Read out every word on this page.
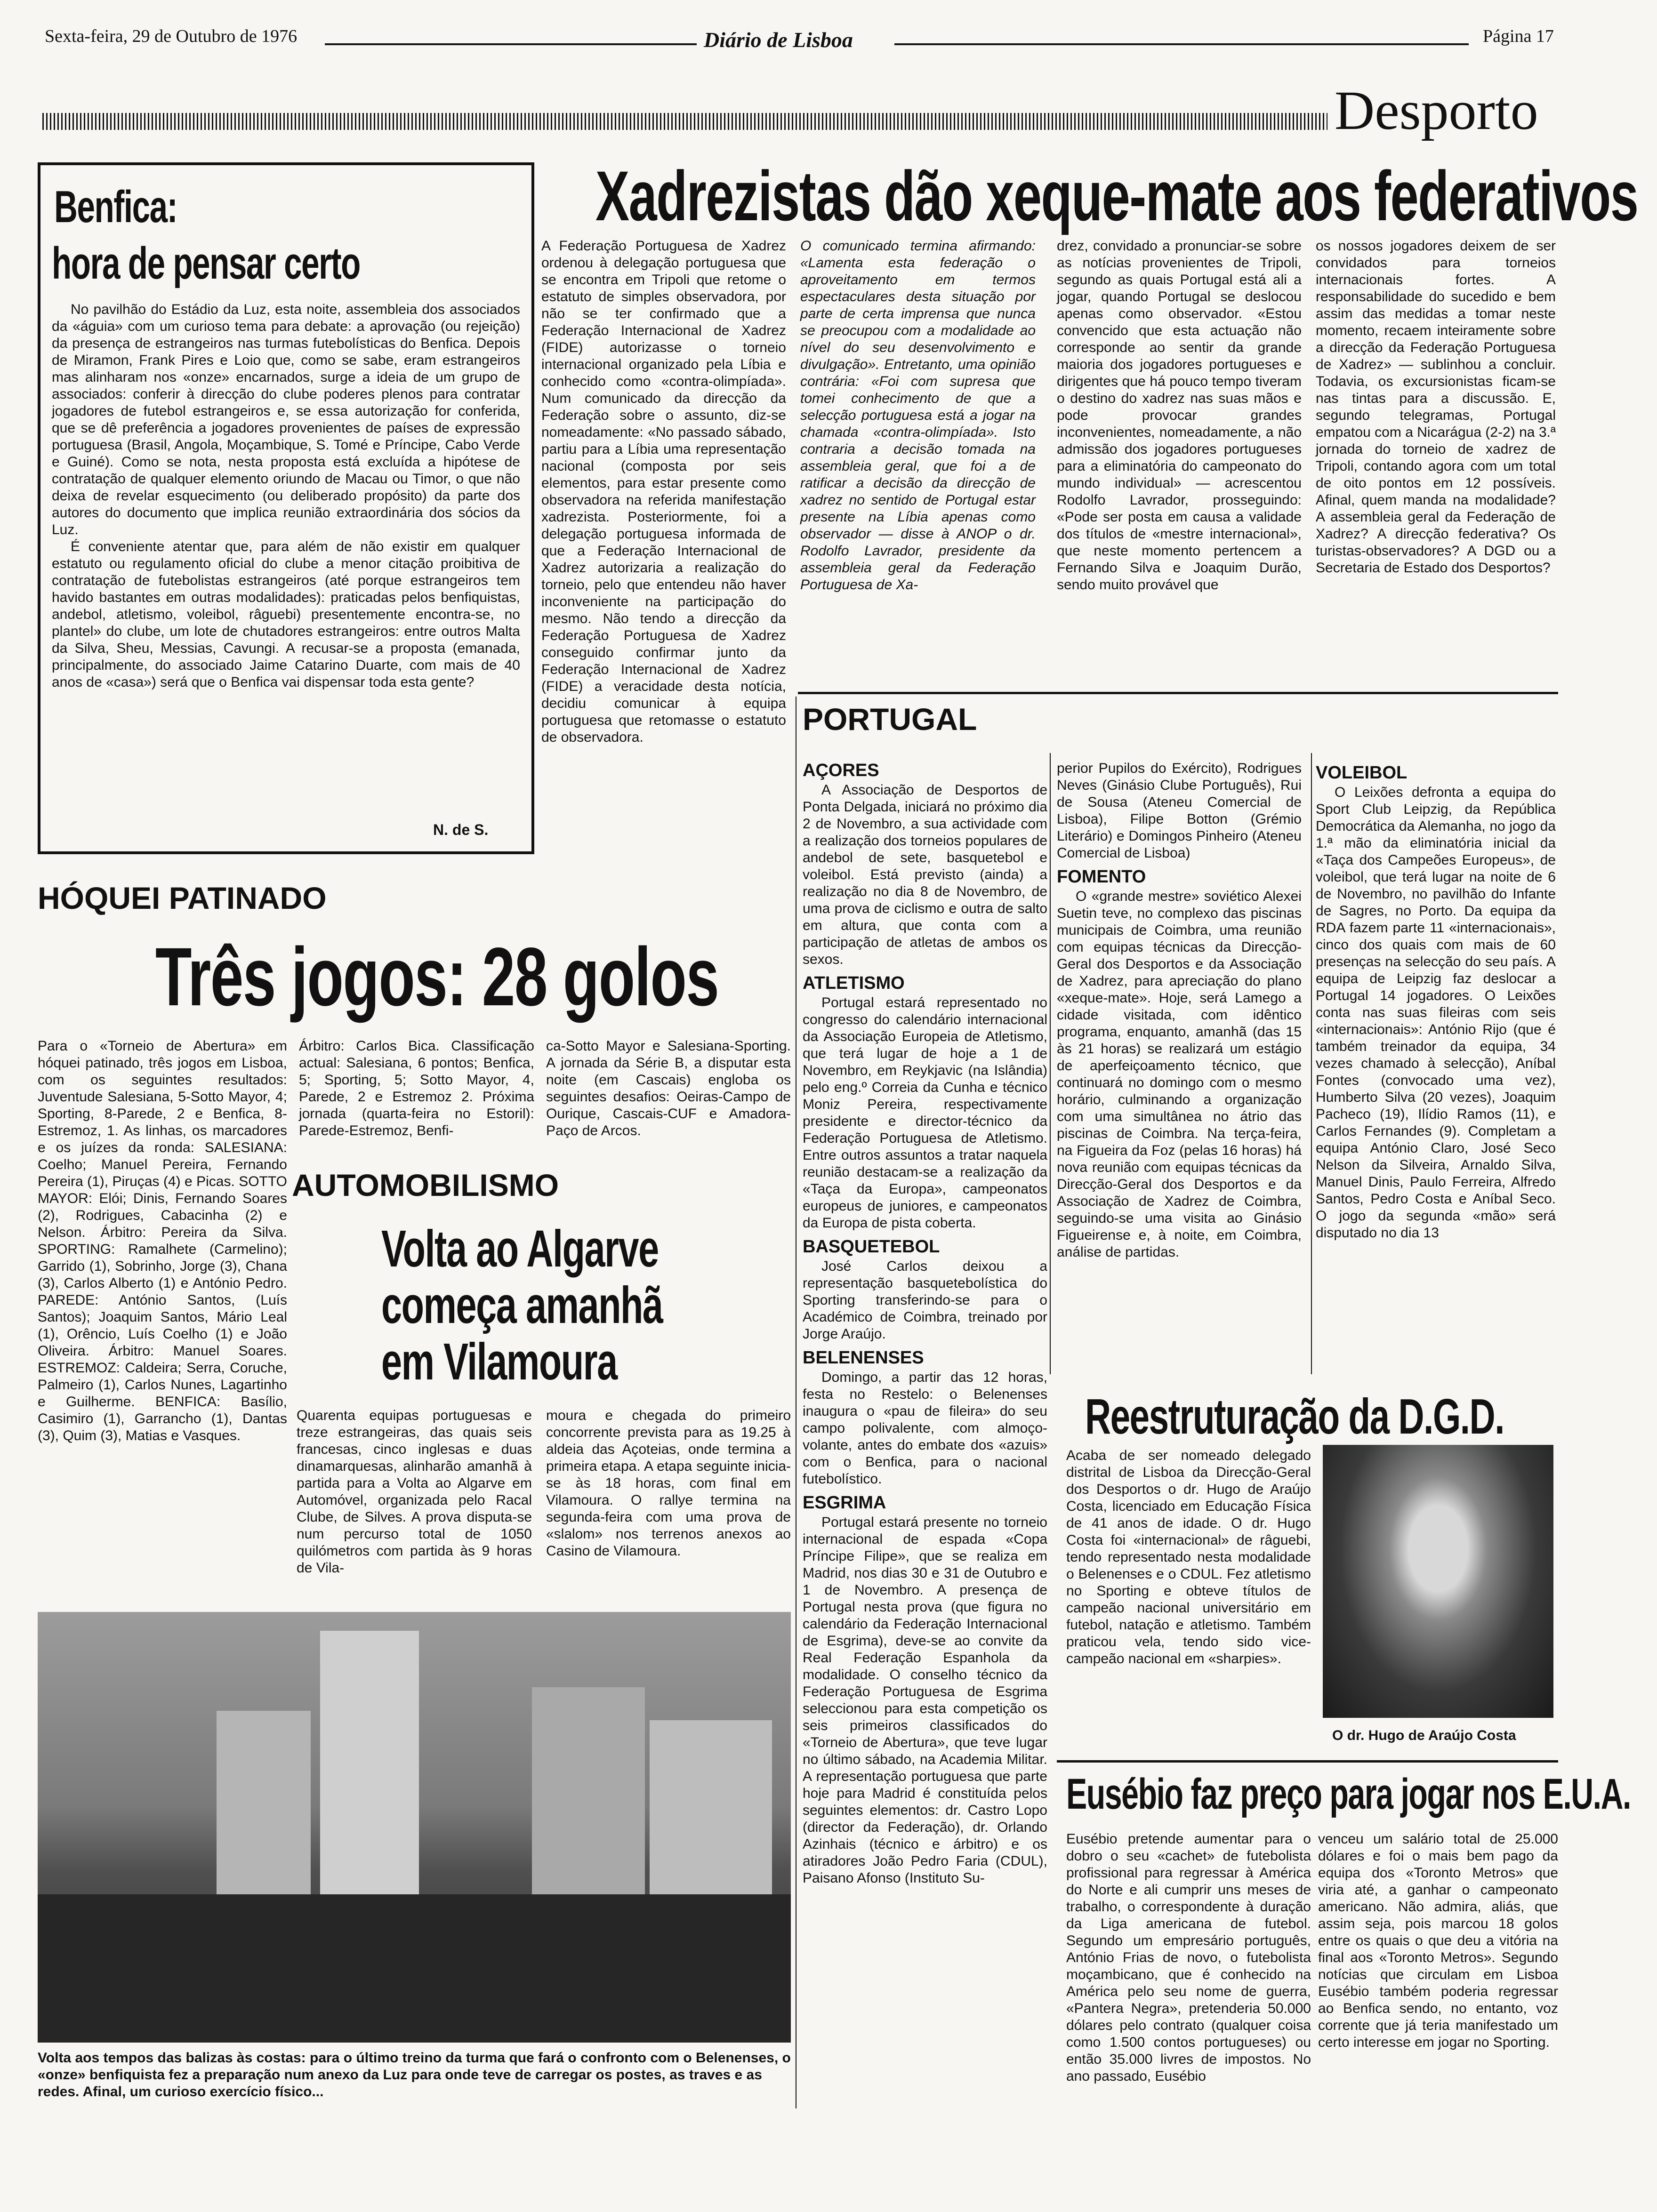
Sexta-feira, 29 de Outubro de 1976	Diário de Lisboa	Página 17
Desporto
Benfica:
hora de pensar certo

No pavilhão do Estádio da Luz, esta noite, assembleia dos associados da «águia» com um curioso tema para debate: a aprovação (ou rejeição) da presença de estrangeiros nas turmas futebolísticas do Benfica. Depois de Miramon, Frank Pires e Loio que, como se sabe, eram estrangeiros mas alinharam nos «onze» encarnados, surge a ideia de um grupo de associados: conferir à direcção do clube poderes plenos para contratar jogadores de futebol estrangeiros e, se essa autorização for conferida, que se dê preferência a jogadores provenientes de países de expressão portuguesa (Brasil, Angola, Moçambique, S. Tomé e Príncipe, Cabo Verde e Guiné). Como se nota, nesta proposta está excluída a hipótese de contratação de qualquer elemento oriundo de Macau ou Timor, o que não deixa de revelar esquecimento (ou deliberado propósito) da parte dos autores do documento que implica reunião extraordinária dos sócios da Luz.

É conveniente atentar que, para além de não existir em qualquer estatuto ou regulamento oficial do clube a menor citação proibitiva de contratação de futebolistas estrangeiros (até porque estrangeiros tem havido bastantes em outras modalidades): praticadas pelos benfiquistas, andebol, atletismo, voleibol, râguebi) presentemente encontra-se, no plantel» do clube, um lote de chutadores estrangeiros: entre outros Malta da Silva, Sheu, Messias, Cavungi. A recusar-se a proposta (emanada, principalmente, do associado Jaime Catarino Duarte, com mais de 40 anos de «casa») será que o Benfica vai dispensar toda esta gente?

N. de S.
Xadrezistas dão xeque-mate aos federativos
A Federação Portuguesa de Xadrez ordenou à delegação portuguesa que se encontra em Tripoli que retome o estatuto de simples observadora, por não se ter confirmado que a Federação Internacional de Xadrez (FIDE) autorizasse o torneio internacional organizado pela Líbia e conhecido como «contra-olimpíada». Num comunicado da direcção da Federação sobre o assunto, diz-se nomeadamente: «No passado sábado, partiu para a Líbia uma representação nacional (composta por seis elementos, para estar presente como observadora na referida manifestação xadrezista. Posteriormente, foi a delegação portuguesa informada de que a Federação Internacional de Xadrez autorizaria a realização do torneio, pelo que entendeu não haver inconveniente na participação do mesmo. Não tendo a direcção da Federação Portuguesa de Xadrez conseguido confirmar junto da Federação Internacional de Xadrez (FIDE) a veracidade desta notícia, decidiu comunicar à equipa portuguesa que retomasse o estatuto de observadora.
O comunicado termina afirmando: «Lamenta esta federação o aproveitamento em termos espectaculares desta situação por parte de certa imprensa que nunca se preocupou com a modalidade ao nível do seu desenvolvimento e divulgação». Entretanto, uma opinião contrária: «Foi com supresa que tomei conhecimento de que a selecção portuguesa está a jogar na chamada «contra-olimpíada». Isto contraria a decisão tomada na assembleia geral, que foi a de ratificar a decisão da direcção de xadrez no sentido de Portugal estar presente na Líbia apenas como observador — disse à ANOP o dr. Rodolfo Lavrador, presidente da assembleia geral da Federação Portuguesa de Xa-
drez, convidado a pronunciar-se sobre as notícias provenientes de Tripoli, segundo as quais Portugal está ali a jogar, quando Portugal se deslocou apenas como observador. «Estou convencido que esta actuação não corresponde ao sentir da grande maioria dos jogadores portugueses e dirigentes que há pouco tempo tiveram o destino do xadrez nas suas mãos e pode provocar grandes inconvenientes, nomeadamente, a não admissão dos jogadores portugueses para a eliminatória do campeonato do mundo individual» — acrescentou Rodolfo Lavrador, prosseguindo: «Pode ser posta em causa a validade dos títulos de «mestre internacional», que neste momento pertencem a Fernando Silva e Joaquim Durão, sendo muito provável que
os nossos jogadores deixem de ser convidados para torneios internacionais fortes. A responsabilidade do sucedido e bem assim das medidas a tomar neste momento, recaem inteiramente sobre a direcção da Federação Portuguesa de Xadrez» — sublinhou a concluir. Todavia, os excursionistas ficam-se nas tintas para a discussão. E, segundo telegramas, Portugal empatou com a Nicarágua (2-2) na 3.ª jornada do torneio de xadrez de Tripoli, contando agora com um total de oito pontos em 12 possíveis. Afinal, quem manda na modalidade? A assembleia geral da Federação de Xadrez? A direcção federativa? Os turistas-observadores? A DGD ou a Secretaria de Estado dos Desportos?
HÓQUEI PATINADO
Três jogos: 28 golos
Para o «Torneio de Abertura» em hóquei patinado, três jogos em Lisboa, com os seguintes resultados: Juventude Salesiana, 5-Sotto Mayor, 4; Sporting, 8-Parede, 2 e Benfica, 8-Estremoz, 1. As linhas, os marcadores e os juízes da ronda: SALESIANA: Coelho; Manuel Pereira, Fernando Pereira (1), Piruças (4) e Picas. SOTTO MAYOR: Elói; Dinis, Fernando Soares (2), Rodrigues, Cabacinha (2) e Nelson. Árbitro: Pereira da Silva. SPORTING: Ramalhete (Carmelino); Garrido (1), Sobrinho, Jorge (3), Chana (3), Carlos Alberto (1) e António Pedro. PAREDE: António Santos, (Luís Santos); Joaquim Santos, Mário Leal (1), Orêncio, Luís Coelho (1) e João Oliveira. Árbitro: Manuel Soares. ESTREMOZ: Caldeira; Serra, Coruche, Palmeiro (1), Carlos Nunes, Lagartinho e Guilherme. BENFICA: Basílio, Casimiro (1), Garrancho (1), Dantas (3), Quim (3), Matias e Vasques.
Árbitro: Carlos Bica. Classificação actual: Salesiana, 6 pontos; Benfica, 5; Sporting, 5; Sotto Mayor, 4, Parede, 2 e Estremoz 2. Próxima jornada (quarta-feira no Estoril): Parede-Estremoz, Benfi-
ca-Sotto Mayor e Salesiana-Sporting. A jornada da Série B, a disputar esta noite (em Cascais) engloba os seguintes desafios: Oeiras-Campo de Ourique, Cascais-CUF e Amadora-Paço de Arcos.
AUTOMOBILISMO
Volta ao Algarve
começa amanhã
em Vilamoura
Quarenta equipas portuguesas e treze estrangeiras, das quais seis francesas, cinco inglesas e duas dinamarquesas, alinharão amanhã à partida para a Volta ao Algarve em Automóvel, organizada pelo Racal Clube, de Silves. A prova disputa-se num percurso total de 1050 quilómetros com partida às 9 horas de Vila-
moura e chegada do primeiro concorrente prevista para as 19.25 à aldeia das Açoteias, onde termina a primeira etapa. A etapa seguinte inicia-se às 18 horas, com final em Vilamoura. O rallye termina na segunda-feira com uma prova de «slalom» nos terrenos anexos ao Casino de Vilamoura.
PORTUGAL
AÇORES

A Associação de Desportos de Ponta Delgada, iniciará no próximo dia 2 de Novembro, a sua actividade com a realização dos torneios populares de andebol de sete, basquetebol e voleibol. Está previsto (ainda) a realização no dia 8 de Novembro, de uma prova de ciclismo e outra de salto em altura, que conta com a participação de atletas de ambos os sexos.

ATLETISMO

Portugal estará representado no congresso do calendário internacional da Associação Europeia de Atletismo, que terá lugar de hoje a 1 de Novembro, em Reykjavic (na Islândia) pelo eng.º Correia da Cunha e técnico Moniz Pereira, respectivamente presidente e director-técnico da Federação Portuguesa de Atletismo. Entre outros assuntos a tratar naquela reunião destacam-se a realização da «Taça da Europa», campeonatos europeus de juniores, e campeonatos da Europa de pista coberta.

BASQUETEBOL

José Carlos deixou a representação basquetebolística do Sporting transferindo-se para o Académico de Coimbra, treinado por Jorge Araújo.

BELENENSES

Domingo, a partir das 12 horas, festa no Restelo: o Belenenses inaugura o «pau de fileira» do seu campo polivalente, com almoço-volante, antes do embate dos «azuis» com o Benfica, para o nacional futebolístico.

ESGRIMA

Portugal estará presente no torneio internacional de espada «Copa Príncipe Filipe», que se realiza em Madrid, nos dias 30 e 31 de Outubro e 1 de Novembro. A presença de Portugal nesta prova (que figura no calendário da Federação Internacional de Esgrima), deve-se ao convite da Real Federação Espanhola da modalidade. O conselho técnico da Federação Portuguesa de Esgrima seleccionou para esta competição os seis primeiros classificados do «Torneio de Abertura», que teve lugar no último sábado, na Academia Militar. A representação portuguesa que parte hoje para Madrid é constituída pelos seguintes elementos: dr. Castro Lopo (director da Federação), dr. Orlando Azinhais (técnico e árbitro) e os atiradores João Pedro Faria (CDUL), Paisano Afonso (Instituto Su-

perior Pupilos do Exército), Rodrigues Neves (Ginásio Clube Português), Rui de Sousa (Ateneu Comercial de Lisboa), Filipe Botton (Grémio Literário) e Domingos Pinheiro (Ateneu Comercial de Lisboa)

FOMENTO

O «grande mestre» soviético Alexei Suetin teve, no complexo das piscinas municipais de Coimbra, uma reunião com equipas técnicas da Direcção-Geral dos Desportos e da Associação de Xadrez, para apreciação do plano «xeque-mate». Hoje, será Lamego a cidade visitada, com idêntico programa, enquanto, amanhã (das 15 às 21 horas) se realizará um estágio de aperfeiçoamento técnico, que continuará no domingo com o mesmo horário, culminando a organização com uma simultânea no átrio das piscinas de Coimbra. Na terça-feira, na Figueira da Foz (pelas 16 horas) há nova reunião com equipas técnicas da Direcção-Geral dos Desportos e da Associação de Xadrez de Coimbra, seguindo-se uma visita ao Ginásio Figueirense e, à noite, em Coimbra, análise de partidas.

VOLEIBOL

O Leixões defronta a equipa do Sport Club Leipzig, da República Democrática da Alemanha, no jogo da 1.ª mão da eliminatória inicial da «Taça dos Campeões Europeus», de voleibol, que terá lugar na noite de 6 de Novembro, no pavilhão do Infante de Sagres, no Porto. Da equipa da RDA fazem parte 11 «internacionais», cinco dos quais com mais de 60 presenças na selecção do seu país. A equipa de Leipzig faz deslocar a Portugal 14 jogadores. O Leixões conta nas suas fileiras com seis «internacionais»: António Rijo (que é também treinador da equipa, 34 vezes chamado à selecção), Aníbal Fontes (convocado uma vez), Humberto Silva (20 vezes), Joaquim Pacheco (19), Ilídio Ramos (11), e Carlos Fernandes (9). Completam a equipa António Claro, José Seco Nelson da Silveira, Arnaldo Silva, Manuel Dinis, Paulo Ferreira, Alfredo Santos, Pedro Costa e Aníbal Seco. O jogo da segunda «mão» será disputado no dia 13

Reestruturação da D.G.D.
Acaba de ser nomeado delegado distrital de Lisboa da Direcção-Geral dos Desportos o dr. Hugo de Araújo Costa, licenciado em Educação Física de 41 anos de idade. O dr. Hugo Costa foi «internacional» de râguebi, tendo representado nesta modalidade o Belenenses e o CDUL. Fez atletismo no Sporting e obteve títulos de campeão nacional universitário em futebol, natação e atletismo. Também praticou vela, tendo sido vice-campeão nacional em «sharpies».
O dr. Hugo de Araújo Costa
Eusébio faz preço para jogar nos E.U.A.
Eusébio pretende aumentar para o dobro o seu «cachet» de futebolista profissional para regressar à América do Norte e ali cumprir uns meses de trabalho, o correspondente à duração da Liga americana de futebol. Segundo um empresário português, António Frias de novo, o futebolista moçambicano, que é conhecido na América pelo seu nome de guerra, «Pantera Negra», pretenderia 50.000 dólares pelo contrato (qualquer coisa como 1.500 contos portugueses) ou então 35.000 livres de impostos. No ano passado, Eusébio
venceu um salário total de 25.000 dólares e foi o mais bem pago da equipa dos «Toronto Metros» que viria até, a ganhar o campeonato americano. Não admira, aliás, que assim seja, pois marcou 18 golos entre os quais o que deu a vitória na final aos «Toronto Metros». Segundo notícias que circulam em Lisboa Eusébio também poderia regressar ao Benfica sendo, no entanto, voz corrente que já teria manifestado um certo interesse em jogar no Sporting.
Volta aos tempos das balizas às costas: para o último treino da turma que fará o confronto com o Belenenses, o «onze» benfiquista fez a preparação num anexo da Luz para onde teve de carregar os postes, as traves e as redes. Afinal, um curioso exercício físico...
